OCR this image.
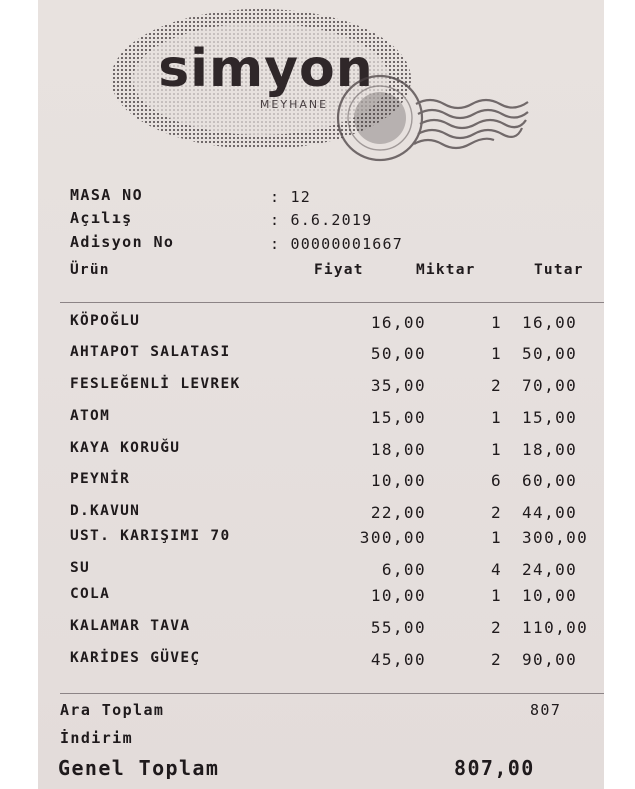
simyon
MEYHANE
MASA NO	: 12
Açılış	: 6.6.2019
Adisyon No	: 00000001667
Ürün	Fiyat	Miktar	Tutar
KÖPOĞLU	16,00	1 16,00
AHTAPOT SALATASI	50,00	1 50,00
FESLEĞENLİ LEVREK	35,00	2 70,00
ATOM	15,00	1 15,00
KAYA KORUĞU	18,00	1 18,00
PEYNİR	10,00	6 60,00
D.KAVUN	22,00	2 44,00
UST. KARIŞIMI 70	300,00	1 300,00
SU	6,00	4 24,00
COLA	10,00	1 10,00
KALAMAR TAVA	55,00	2 110,00
KARİDES GÜVEÇ	45,00	2 90,00
Ara Toplam	807
İndirim
Genel Toplam	807,00
